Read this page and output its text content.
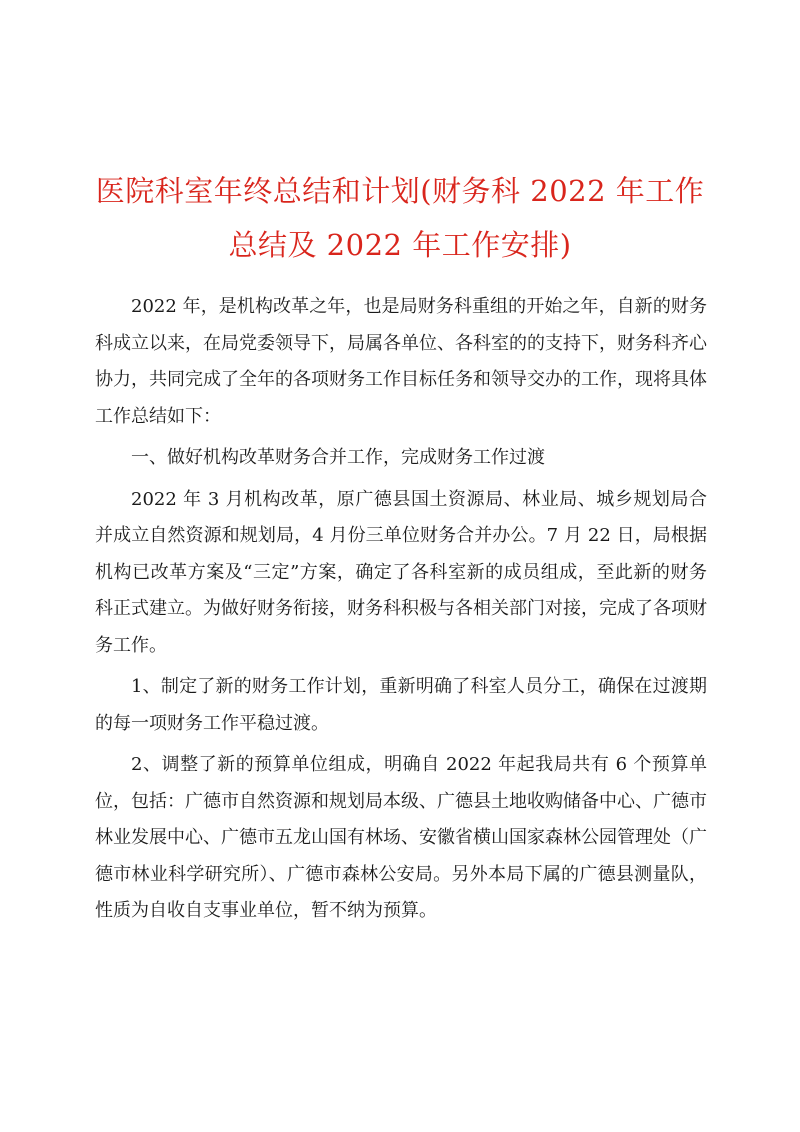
医院科室年终总结和计划(财务科 2022 年工作
总结及 2022 年工作安排)

2022 年，是机构改革之年，也是局财务科重组的开始之年，自新的财务科成立以来，在局党委领导下，局属各单位、各科室的的支持下，财务科齐心协力，共同完成了全年的各项财务工作目标任务和领导交办的工作，现将具体工作总结如下：

一、做好机构改革财务合并工作，完成财务工作过渡

2022 年 3 月机构改革，原广德县国土资源局、林业局、城乡规划局合并成立自然资源和规划局，4 月份三单位财务合并办公。7 月 22 日，局根据机构已改革方案及“三定”方案，确定了各科室新的成员组成，至此新的财务科正式建立。为做好财务衔接，财务科积极与各相关部门对接，完成了各项财务工作。

1、制定了新的财务工作计划，重新明确了科室人员分工，确保在过渡期的每一项财务工作平稳过渡。

2、调整了新的预算单位组成，明确自 2022 年起我局共有 6 个预算单位，包括：广德市自然资源和规划局本级、广德县土地收购储备中心、广德市林业发展中心、广德市五龙山国有林场、安徽省横山国家森林公园管理处（广德市林业科学研究所）、广德市森林公安局。另外本局下属的广德县测量队，性质为自收自支事业单位，暂不纳为预算。
